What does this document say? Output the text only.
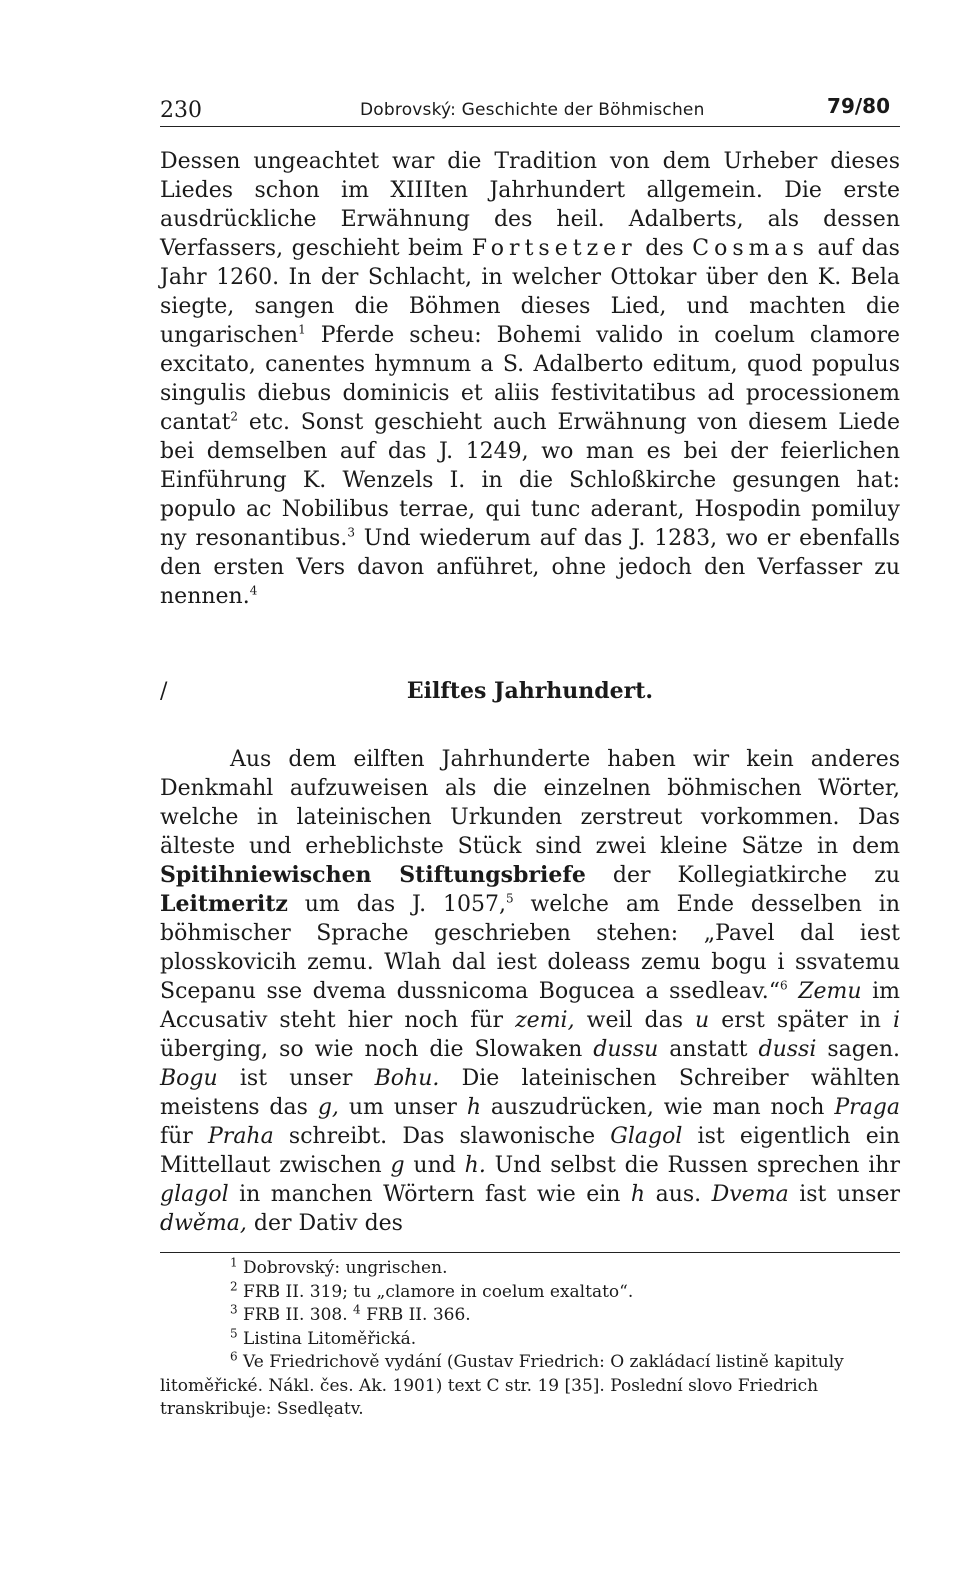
230	Dobrovský: Geschichte der Böhmischen	79/80

Dessen ungeachtet war die Tradition von dem Urheber dieses Liedes schon im XIIIten Jahrhundert allgemein. Die erste ausdrückliche Erwähnung des heil. Adalberts, als dessen Verfassers, geschieht beim Fortsetzer des Cosmas auf das Jahr 1260. In der Schlacht, in welcher Ottokar über den K. Bela siegte, sangen die Böhmen dieses Lied, und machten die ungarischen$^1$ Pferde scheu: Bohemi valido in coelum clamore excitato, canentes hymnum a S. Adalberto editum, quod populus singulis diebus dominicis et aliis festivitatibus ad processionem cantat$^2$ etc. Sonst geschieht auch Erwähnung von diesem Liede bei demselben auf das J. 1249, wo man es bei der feierlichen Einführung K. Wenzels I. in die Schloßkirche gesungen hat: populo ac Nobilibus terrae, qui tunc aderant, Hospodin pomiluy ny resonantibus.$^3$ Und wiederum auf das J. 1283, wo er ebenfalls den ersten Vers davon anführet, ohne jedoch den Verfasser zu nennen.$^4$

/	Eilftes Jahrhundert.

Aus dem eilften Jahrhunderte haben wir kein anderes Denkmahl aufzuweisen als die einzelnen böhmischen Wörter, welche in lateinischen Urkunden zerstreut vorkommen. Das älteste und erheblichste Stück sind zwei kleine Sätze in dem Spitihniewischen Stiftungsbriefe der Kollegiatkirche zu Leitmeritz um das J. 1057,$^5$ welche am Ende desselben in böhmischer Sprache geschrieben stehen: „Pavel dal iest plosskovicih zemu. Wlah dal iest doleass zemu bogu i ssvatemu Scepanu sse dvema dussnicoma Bogucea a ssedleav.“$^6$ Zemu im Accusativ steht hier noch für zemi, weil das u erst später in i überging, so wie noch die Slowaken dussu anstatt dussi sagen. Bogu ist unser Bohu. Die lateinischen Schreiber wählten meistens das g, um unser h auszudrücken, wie man noch Praga für Praha schreibt. Das slawonische Glagol ist eigentlich ein Mittellaut zwischen g und h. Und selbst die Russen sprechen ihr glagol in manchen Wörtern fast wie ein h aus. Dvema ist unser dwěma, der Dativ des

$^1$ Dobrovský: ungrischen.

$^2$ FRB II. 319; tu „clamore in coelum exaltato“.

$^3$ FRB II. 308. $^4$ FRB II. 366.

$^5$ Listina Litoměřická.

$^6$ Ve Friedrichově vydání (Gustav Friedrich: O zakládací listině kapituly litoměřické. Nákl. čes. Ak. 1901) text C str. 19 [35]. Poslední slovo Friedrich transkribuje: Ssedlęatv.
